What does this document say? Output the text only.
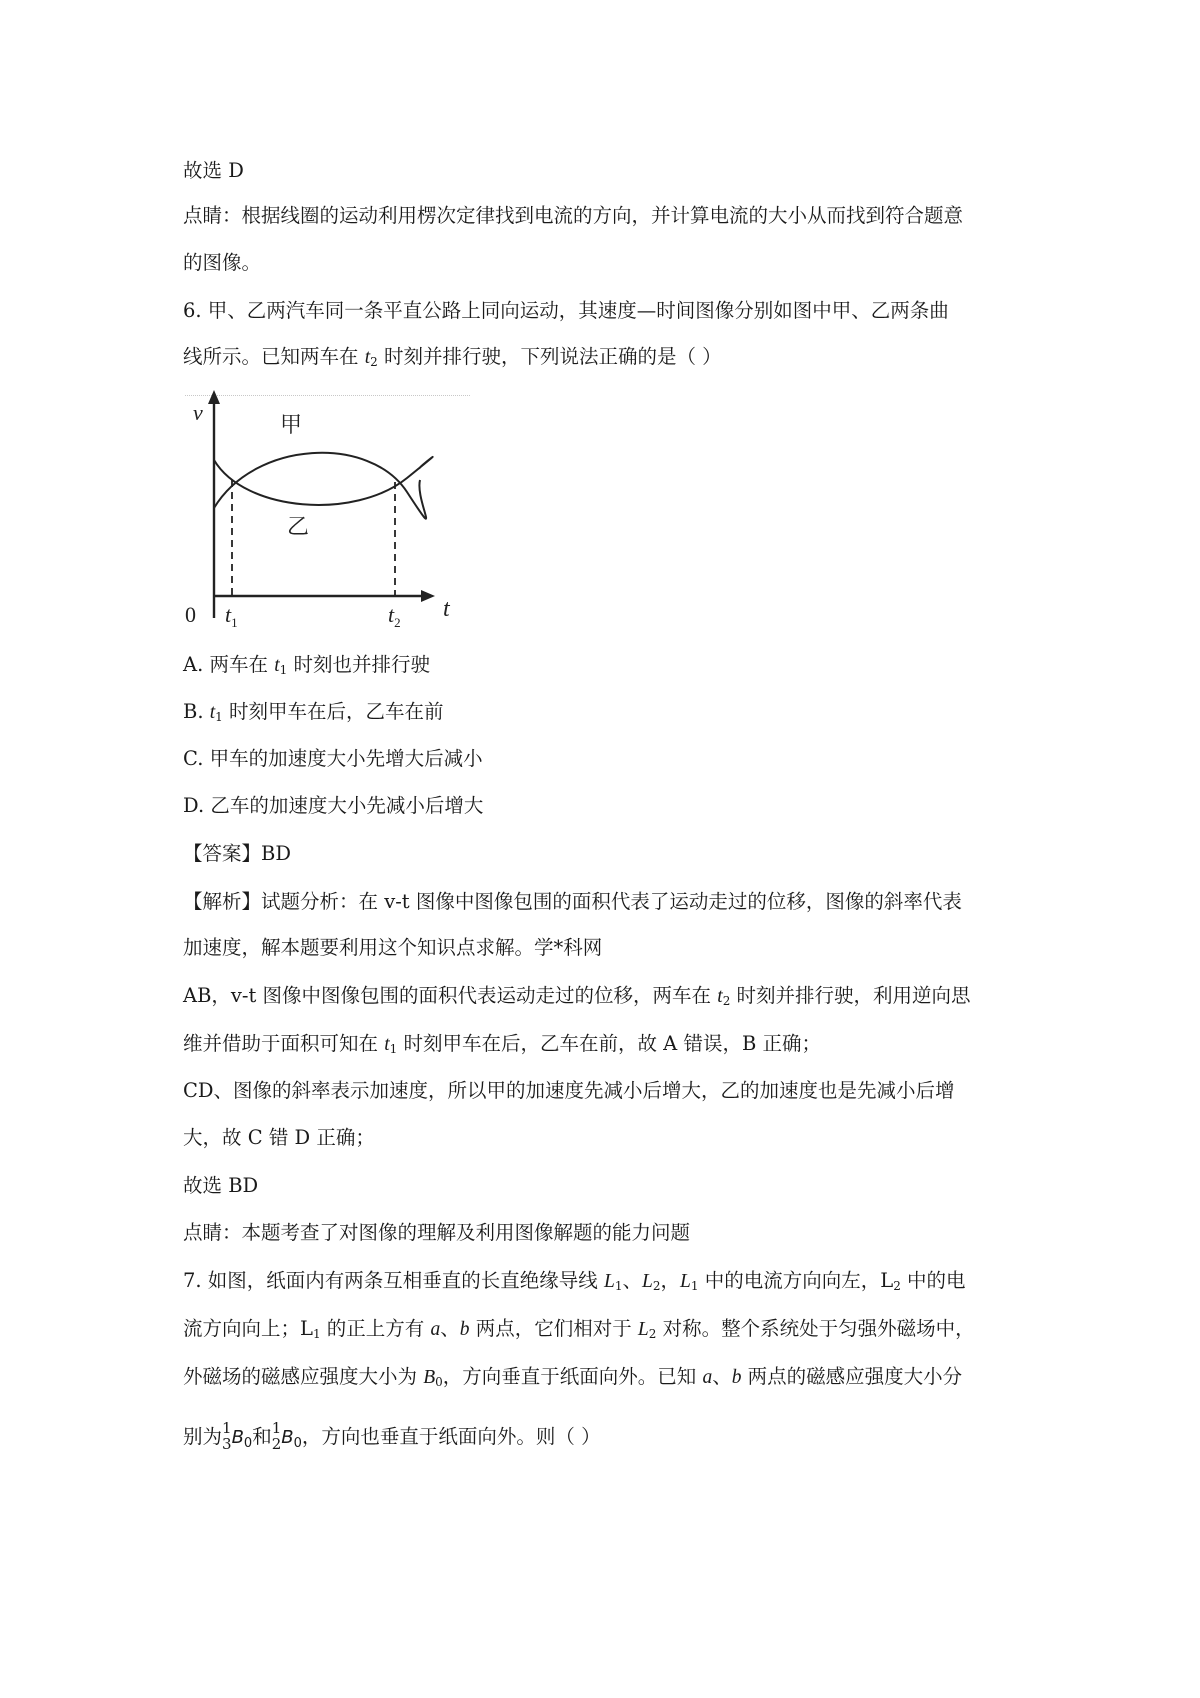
故选 D
点睛：根据线圈的运动利用楞次定律找到电流的方向，并计算电流的大小从而找到符合题意
的图像。
6. 甲、乙两汽车同一条平直公路上同向运动，其速度—时间图像分别如图中甲、乙两条曲
线所示。已知两车在 $t_2$ 时刻并排行驶，下列说法正确的是（ ）
v
甲
乙
0 $t_1$	$t_2$
t
A. 两车在 $t_1$ 时刻也并排行驶
B. $t_1$ 时刻甲车在后，乙车在前
C. 甲车的加速度大小先增大后减小
D. 乙车的加速度大小先减小后增大
【答案】BD
【解析】试题分析：在 v-t 图像中图像包围的面积代表了运动走过的位移，图像的斜率代表
加速度，解本题要利用这个知识点求解。学*科网
AB，v-t 图像中图像包围的面积代表运动走过的位移，两车在 $t_2$ 时刻并排行驶，利用逆向思
维并借助于面积可知在 $t_1$ 时刻甲车在后，乙车在前，故 A 错误，B 正确；
CD、图像的斜率表示加速度，所以甲的加速度先减小后增大，乙的加速度也是先减小后增
大，故 C 错 D 正确；
故选 BD
点睛：本题考查了对图像的理解及利用图像解题的能力问题
7. 如图，纸面内有两条互相垂直的长直绝缘导线 $L_1$、$L_2$，$L_1$ 中的电流方向向左，$L_2$ 中的电
流方向向上；$L_1$ 的正上方有 a、b 两点，它们相对于 $L_2$ 对称。整个系统处于匀强外磁场中，
外磁场的磁感应强度大小为 $B_0$，方向垂直于纸面向外。已知 a、b 两点的磁感应强度大小分
别为 1
3 $B_0$和 1
2 $B_0$，方向也垂直于纸面向外。则（ ）
